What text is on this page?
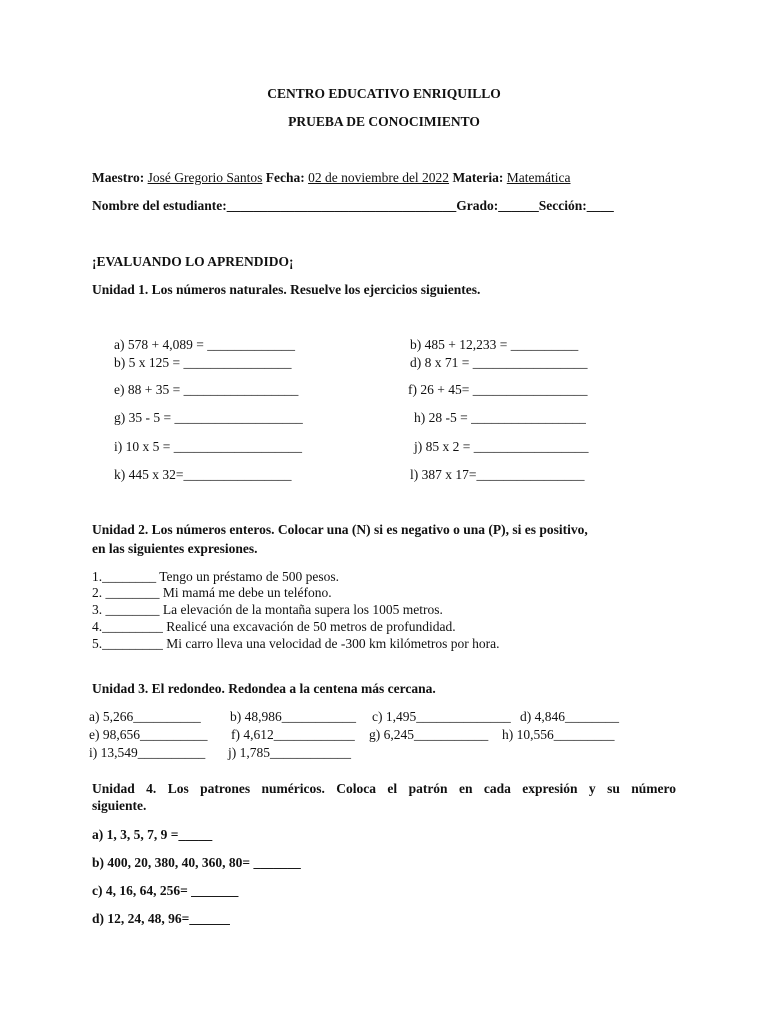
CENTRO EDUCATIVO ENRIQUILLO
PRUEBA DE CONOCIMIENTO
Maestro: José Gregorio Santos Fecha: 02 de noviembre del 2022 Materia: Matemática
Nombre del estudiante:__________________________________Grado:______Sección:____
¡EVALUANDO LO APRENDIDO¡
Unidad 1. Los números naturales. Resuelve los ejercicios siguientes.
a) 578 + 4,089 = _____________	b) 485 + 12,233 = __________
b) 5 x 125 = ________________	d) 8 x 71 = _________________
e) 88 + 35 = _________________	f) 26 + 45= _________________
g) 35 - 5 = ___________________	h) 28 -5 = _________________
i) 10 x 5 = ___________________	j) 85 x 2 = _________________
k) 445 x 32=________________	l) 387 x 17=________________
Unidad 2. Los números enteros. Colocar una (N) si es negativo o una (P), si es positivo,
en las siguientes expresiones.
1.________ Tengo un préstamo de 500 pesos.
2. ________ Mi mamá me debe un teléfono.
3. ________ La elevación de la montaña supera los 1005 metros.
4._________ Realicé una excavación de 50 metros de profundidad.
5._________ Mi carro lleva una velocidad de -300 km kilómetros por hora.
Unidad 3. El redondeo. Redondea a la centena más cercana.
a) 5,266__________ b) 48,986___________ c) 1,495______________ d) 4,846________
e) 98,656__________ f) 4,612____________ g) 6,245___________ h) 10,556_________
i) 13,549__________ j) 1,785____________
Unidad 4. Los patrones numéricos. Coloca el patrón en cada expresión y su número
siguiente.
a) 1, 3, 5, 7, 9 =_____
b) 400, 20, 380, 40, 360, 80= _______
c) 4, 16, 64, 256= _______
d) 12, 24, 48, 96=______
